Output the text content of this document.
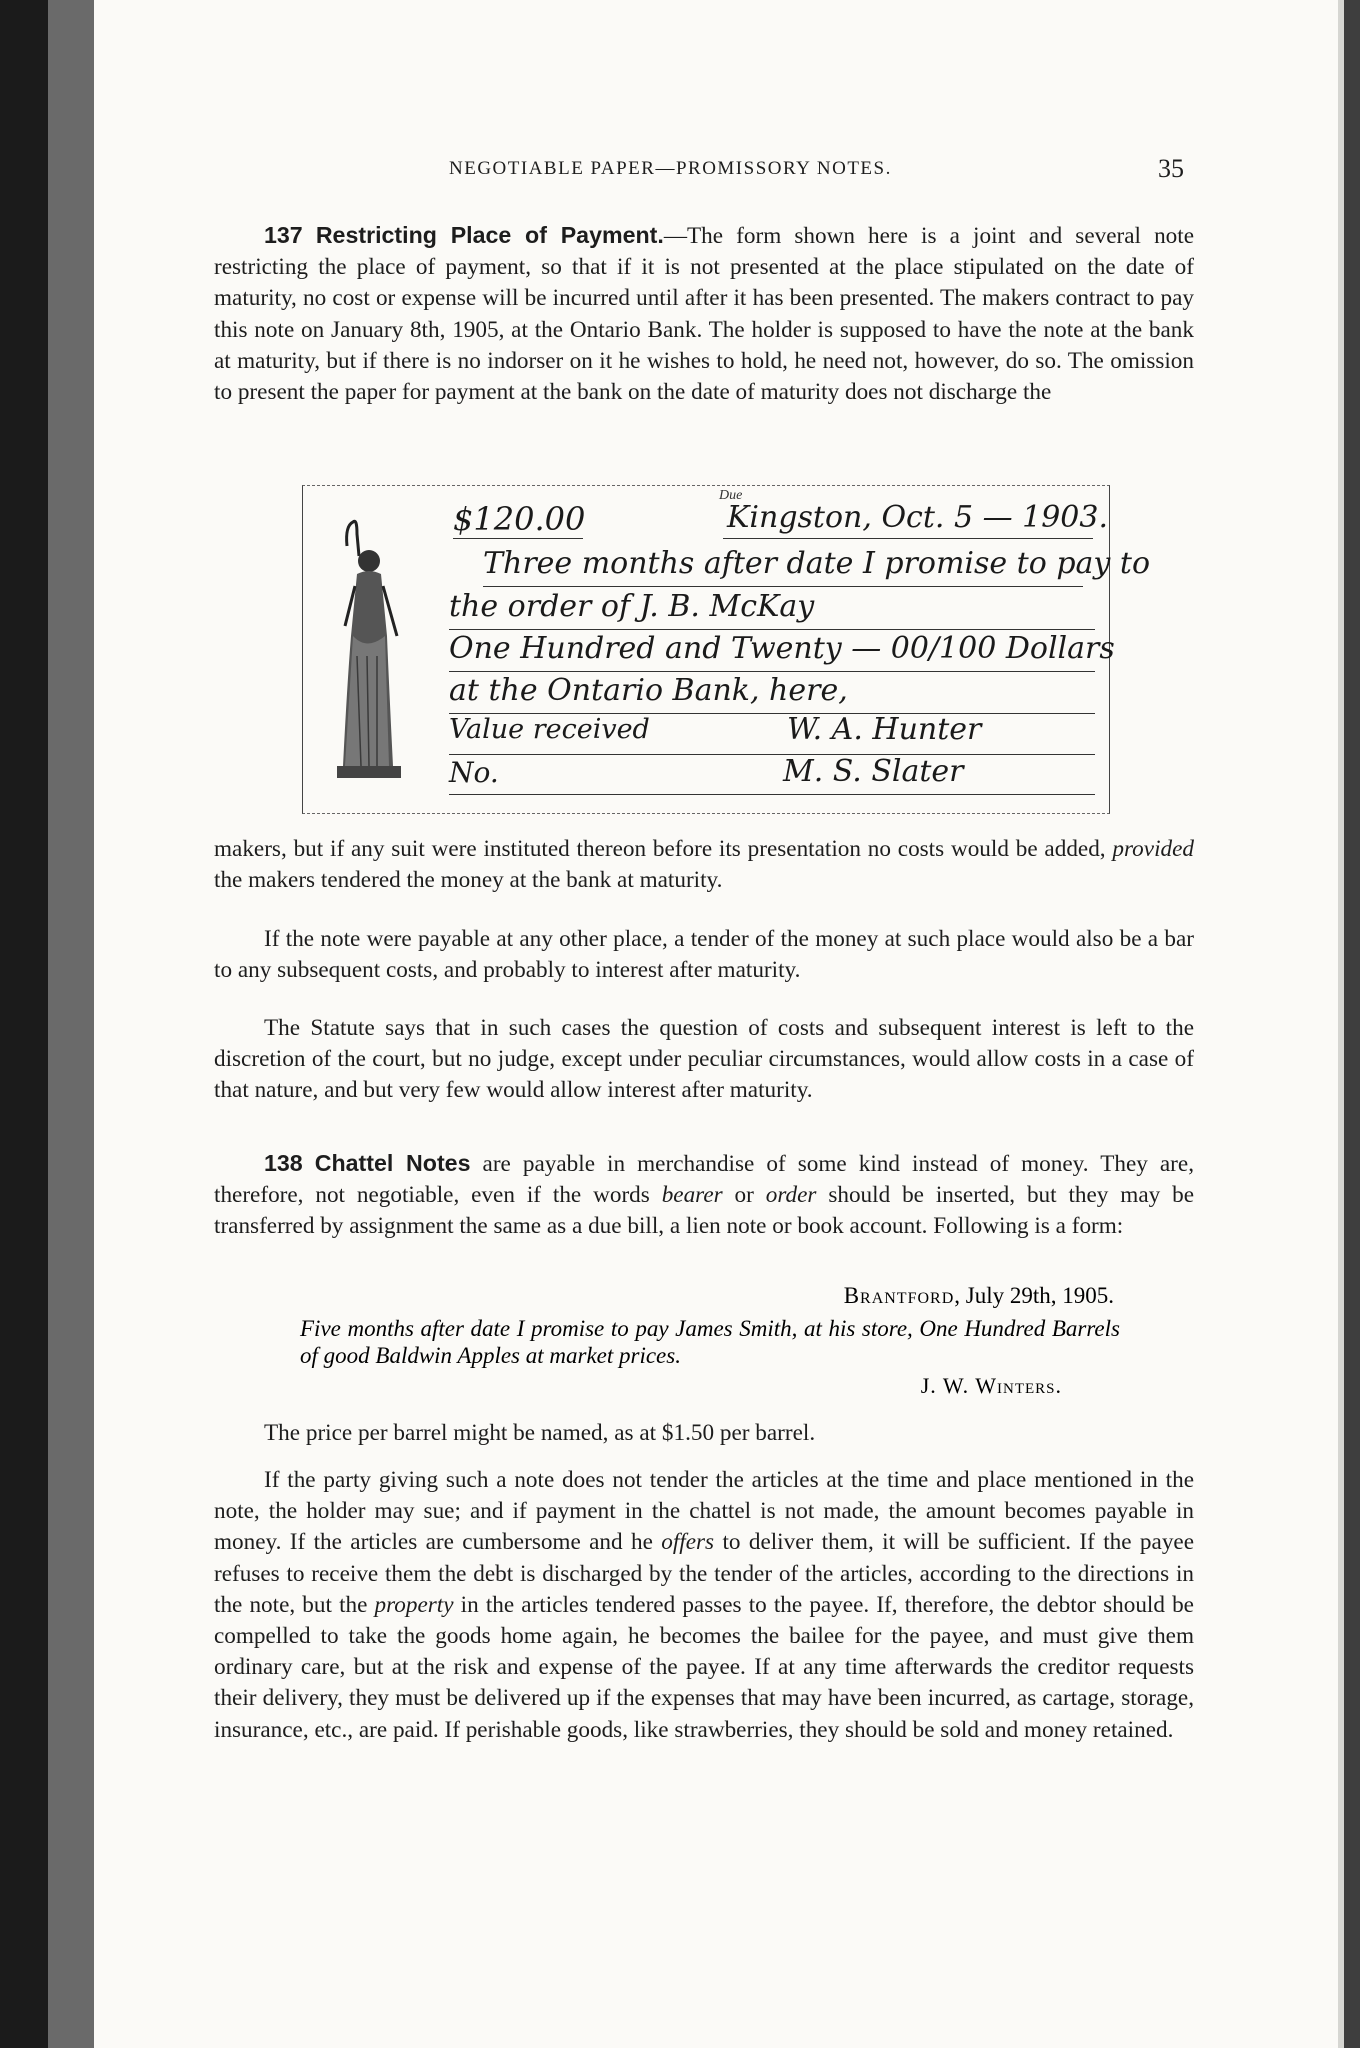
NEGOTIABLE PAPER—PROMISSORY NOTES.	35

137 Restricting Place of Payment.—The form shown here is a joint and several note restricting the place of payment, so that if it is not presented at the place stipulated on the date of maturity, no cost or expense will be incurred until after it has been presented. The makers contract to pay this note on January 8th, 1905, at the Ontario Bank. The holder is supposed to have the note at the bank at maturity, but if there is no indorser on it he wishes to hold, he need not, however, do so. The omission to present the paper for payment at the bank on the date of maturity does not discharge the

$120.00
Due
Kingston, Oct. 5 — 1903.
Three months after date I promise to pay to
the order of J. B. McKay
One Hundred and Twenty — 00/100 Dollars
at the Ontario Bank, here,
Value received	W. A. Hunter
No.	M. S. Slater

makers, but if any suit were instituted thereon before its presentation no costs would be added, provided the makers tendered the money at the bank at maturity.

If the note were payable at any other place, a tender of the money at such place would also be a bar to any subsequent costs, and probably to interest after maturity.

The Statute says that in such cases the question of costs and subsequent interest is left to the discretion of the court, but no judge, except under peculiar circumstances, would allow costs in a case of that nature, and but very few would allow interest after maturity.

138 Chattel Notes are payable in merchandise of some kind instead of money. They are, therefore, not negotiable, even if the words bearer or order should be inserted, but they may be transferred by assignment the same as a due bill, a lien note or book account. Following is a form:

Brantford, July 29th, 1905.

Five months after date I promise to pay James Smith, at his store, One Hundred Barrels of good Baldwin Apples at market prices.

J. W. Winters.

The price per barrel might be named, as at $1.50 per barrel.

If the party giving such a note does not tender the articles at the time and place mentioned in the note, the holder may sue; and if payment in the chattel is not made, the amount becomes payable in money. If the articles are cumbersome and he offers to deliver them, it will be sufficient. If the payee refuses to receive them the debt is discharged by the tender of the articles, according to the directions in the note, but the property in the articles tendered passes to the payee. If, therefore, the debtor should be compelled to take the goods home again, he becomes the bailee for the payee, and must give them ordinary care, but at the risk and expense of the payee. If at any time afterwards the creditor requests their delivery, they must be delivered up if the expenses that may have been incurred, as cartage, storage, insurance, etc., are paid. If perishable goods, like strawberries, they should be sold and money retained.
